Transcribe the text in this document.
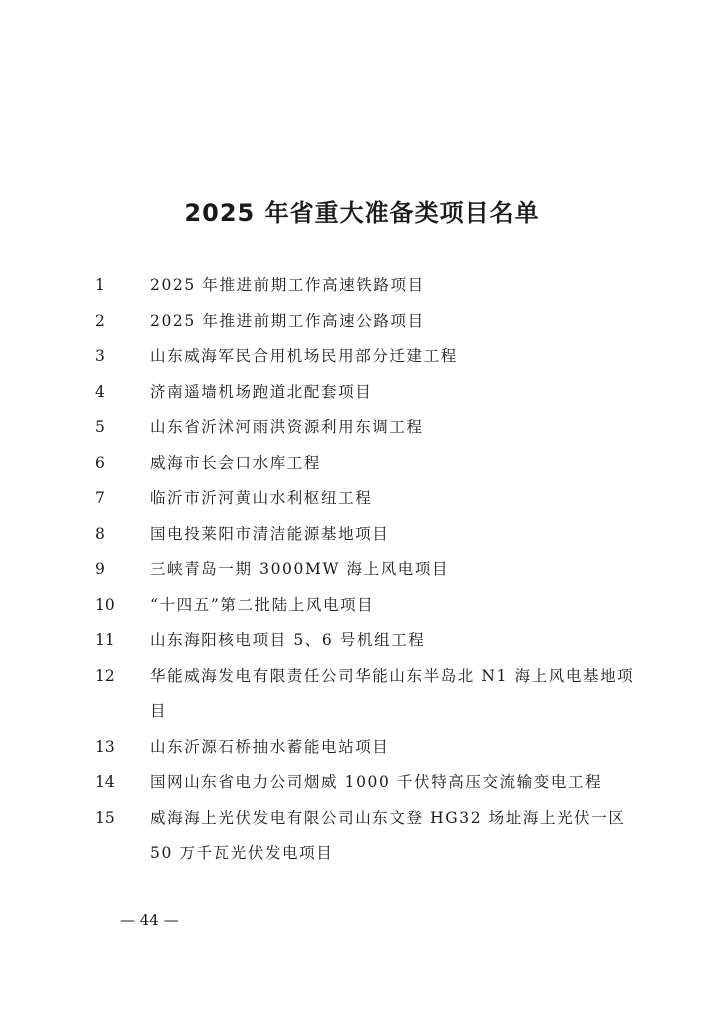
2025 年省重大准备类项目名单
1	2025 年推进前期工作高速铁路项目
2	2025 年推进前期工作高速公路项目
3	山东威海军民合用机场民用部分迁建工程
4	济南遥墙机场跑道北配套项目
5	山东省沂沭河雨洪资源利用东调工程
6	威海市长会口水库工程
7	临沂市沂河黄山水利枢纽工程
8	国电投莱阳市清洁能源基地项目
9	三峡青岛一期 3000MW 海上风电项目
10	“十四五”第二批陆上风电项目
11	山东海阳核电项目 5、6 号机组工程
12	华能威海发电有限责任公司华能山东半岛北 N1 海上风电基地项目
13	山东沂源石桥抽水蓄能电站项目
14	国网山东省电力公司烟威 1000 千伏特高压交流输变电工程
15	威海海上光伏发电有限公司山东文登 HG32 场址海上光伏一区 50 万千瓦光伏发电项目
— 44 —
